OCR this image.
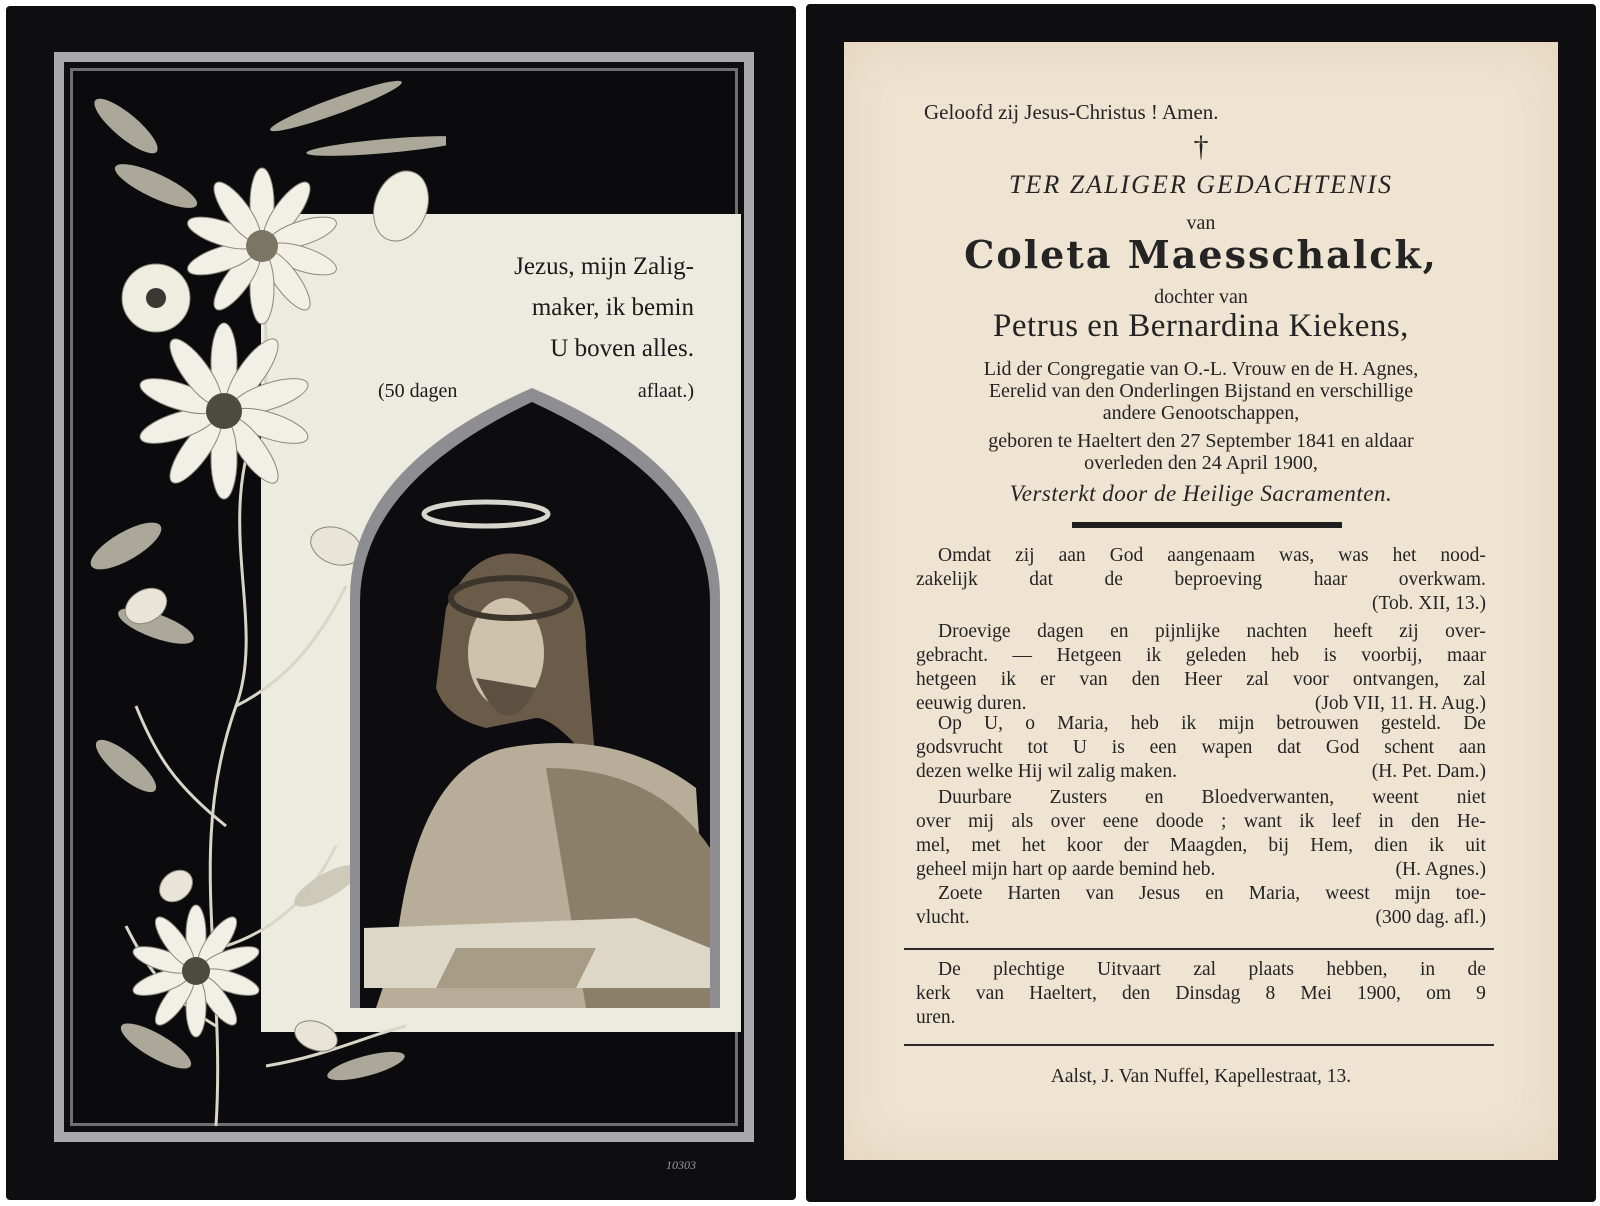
Jezus, mijn Zalig-
maker, ik bemin
U boven alles.
(50 dagen	aflaat.)
10303
Geloofd zij Jesus-Christus ! Amen.
†
TER ZALIGER GEDACHTENIS
van
Coleta Maesschalck,
dochter van
Petrus en Bernardina Kiekens,
Lid der Congregatie van O.-L. Vrouw en de H. Agnes,
Eerelid van den Onderlingen Bijstand en verschillige
andere Genootschappen,
geboren te Haeltert den 27 September 1841 en aldaar
overleden den 24 April 1900,
Versterkt door de Heilige Sacramenten.
Omdat zij aan God aangenaam was, was het nood-
zakelijk	dat	de	beproeving	haar	overkwam.
(Tob. XII, 13.)
Droevige dagen en pijnlijke nachten heeft zij over-
gebracht. — Hetgeen ik geleden heb is voorbij, maar
hetgeen ik er van den Heer zal voor ontvangen, zal
eeuwig duren.	(Job VII, 11. H. Aug.)
Op U, o Maria, heb ik mijn betrouwen gesteld. De
godsvrucht tot U is een wapen dat God schent aan
dezen welke Hij wil zalig maken.	(H. Pet. Dam.)
Duurbare Zusters en Bloedverwanten, weent niet
over mij als over eene doode ; want ik leef in den He-
mel, met het koor der Maagden, bij Hem, dien ik uit
geheel mijn hart op aarde bemind heb.	(H. Agnes.)
Zoete Harten van Jesus en Maria, weest mijn toe-
vlucht.	(300 dag. afl.)
De plechtige Uitvaart zal plaats hebben, in de
kerk van Haeltert, den Dinsdag 8 Mei 1900, om 9
uren.
Aalst, J. Van Nuffel, Kapellestraat, 13.
